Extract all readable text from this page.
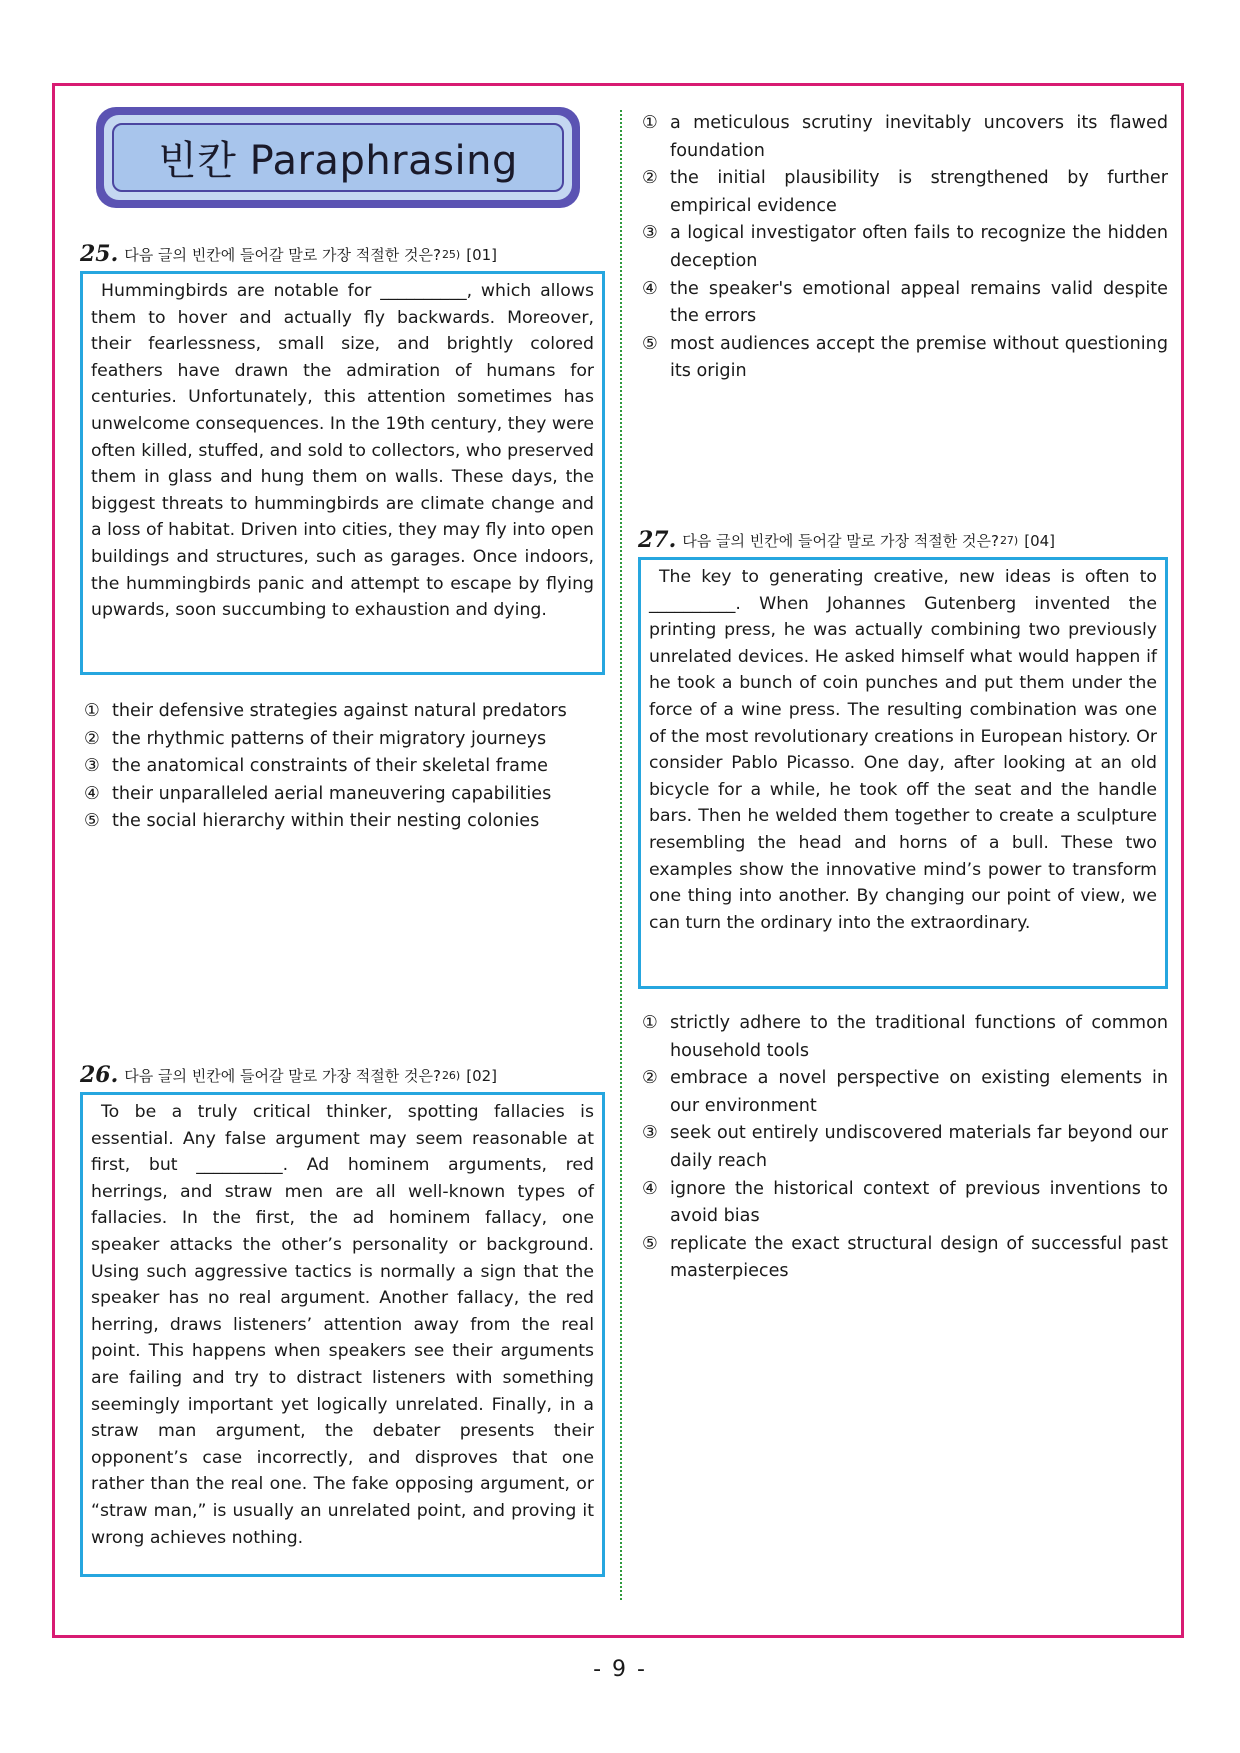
빈칸 Paraphrasing
25. 다음 글의 빈칸에 들어갈 말로 가장 적절한 것은? 25) [01]
Hummingbirds are notable for __________, which allows them to hover and actually fly backwards. Moreover, their fearlessness, small size, and brightly colored feathers have drawn the admiration of humans for centuries. Unfortunately, this attention sometimes has unwelcome consequences. In the 19th century, they were often killed, stuffed, and sold to collectors, who preserved them in glass and hung them on walls. These days, the biggest threats to hummingbirds are climate change and a loss of habitat. Driven into cities, they may fly into open buildings and structures, such as garages. Once indoors, the hummingbirds panic and attempt to escape by flying upwards, soon succumbing to exhaustion and dying.
① their defensive strategies against natural predators
② the rhythmic patterns of their migratory journeys
③ the anatomical constraints of their skeletal frame
④ their unparalleled aerial maneuvering capabilities
⑤ the social hierarchy within their nesting colonies
26. 다음 글의 빈칸에 들어갈 말로 가장 적절한 것은? 26) [02]
To be a truly critical thinker, spotting fallacies is essential. Any false argument may seem reasonable at first, but __________. Ad hominem arguments, red herrings, and straw men are all well-known types of fallacies. In the first, the ad hominem fallacy, one speaker attacks the other’s personality or background. Using such aggressive tactics is normally a sign that the speaker has no real argument. Another fallacy, the red herring, draws listeners’ attention away from the real point. This happens when speakers see their arguments are failing and try to distract listeners with something seemingly important yet logically unrelated. Finally, in a straw man argument, the debater presents their opponent’s case incorrectly, and disproves that one rather than the real one. The fake opposing argument, or “straw man,” is usually an unrelated point, and proving it wrong achieves nothing.
① a meticulous scrutiny inevitably uncovers its flawed foundation
② the initial plausibility is strengthened by further empirical evidence
③ a logical investigator often fails to recognize the hidden deception
④ the speaker's emotional appeal remains valid despite the errors
⑤ most audiences accept the premise without questioning its origin
27. 다음 글의 빈칸에 들어갈 말로 가장 적절한 것은? 27) [04]
The key to generating creative, new ideas is often to __________. When Johannes Gutenberg invented the printing press, he was actually combining two previously unrelated devices. He asked himself what would happen if he took a bunch of coin punches and put them under the force of a wine press. The resulting combination was one of the most revolutionary creations in European history. Or consider Pablo Picasso. One day, after looking at an old bicycle for a while, he took off the seat and the handle bars. Then he welded them together to create a sculpture resembling the head and horns of a bull. These two examples show the innovative mind’s power to transform one thing into another. By changing our point of view, we can turn the ordinary into the extraordinary.
① strictly adhere to the traditional functions of common household tools
② embrace a novel perspective on existing elements in our environment
③ seek out entirely undiscovered materials far beyond our daily reach
④ ignore the historical context of previous inventions to avoid bias
⑤ replicate the exact structural design of successful past masterpieces
- 9 -
